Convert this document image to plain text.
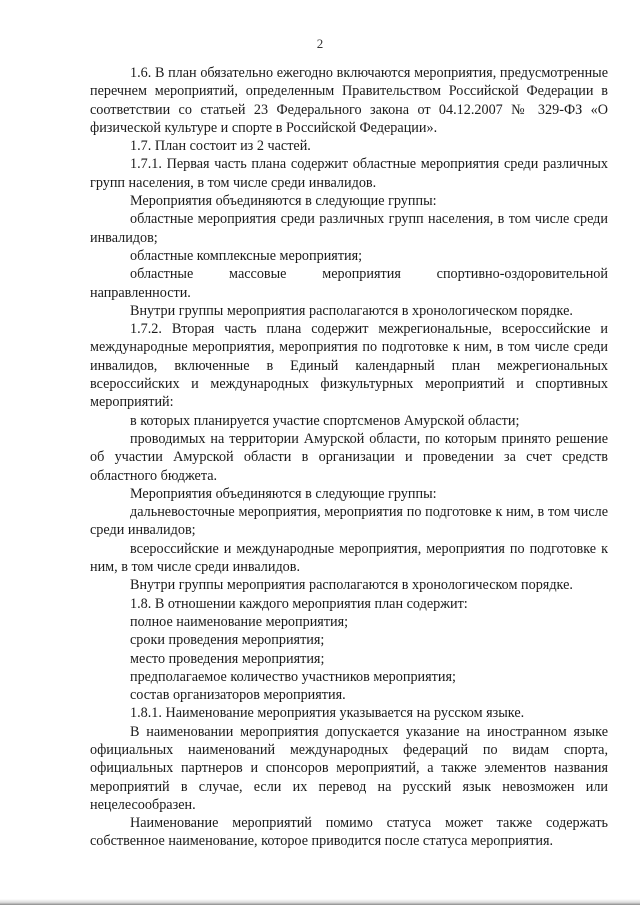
2

1.6. В план обязательно ежегодно включаются мероприятия, предусмотренные перечнем мероприятий, определенным Правительством Российской Федерации в соответствии со статьей 23 Федерального закона от 04.12.2007 № 329-ФЗ «О физической культуре и спорте в Российской Федерации».

1.7. План состоит из 2 частей.

1.7.1. Первая часть плана содержит областные мероприятия среди различных групп населения, в том числе среди инвалидов.

Мероприятия объединяются в следующие группы:

областные мероприятия среди различных групп населения, в том числе среди инвалидов;

областные комплексные мероприятия;

областные массовые мероприятия спортивно-оздоровительной направленности.

Внутри группы мероприятия располагаются в хронологическом порядке.

1.7.2. Вторая часть плана содержит межрегиональные, всероссийские и международные мероприятия, мероприятия по подготовке к ним, в том числе среди инвалидов, включенные в Единый календарный план межрегиональных всероссийских и международных физкультурных мероприятий и спортивных мероприятий:

в которых планируется участие спортсменов Амурской области;

проводимых на территории Амурской области, по которым принято решение об участии Амурской области в организации и проведении за счет средств областного бюджета.

Мероприятия объединяются в следующие группы:

дальневосточные мероприятия, мероприятия по подготовке к ним, в том числе среди инвалидов;

всероссийские и международные мероприятия, мероприятия по подготовке к ним, в том числе среди инвалидов.

Внутри группы мероприятия располагаются в хронологическом порядке.

1.8. В отношении каждого мероприятия план содержит:

полное наименование мероприятия;

сроки проведения мероприятия;

место проведения мероприятия;

предполагаемое количество участников мероприятия;

состав организаторов мероприятия.

1.8.1. Наименование мероприятия указывается на русском языке.

В наименовании мероприятия допускается указание на иностранном языке официальных наименований международных федераций по видам спорта, официальных партнеров и спонсоров мероприятий, а также элементов названия мероприятий в случае, если их перевод на русский язык невозможен или нецелесообразен.

Наименование мероприятий помимо статуса может также содержать собственное наименование, которое приводится после статуса мероприятия.
